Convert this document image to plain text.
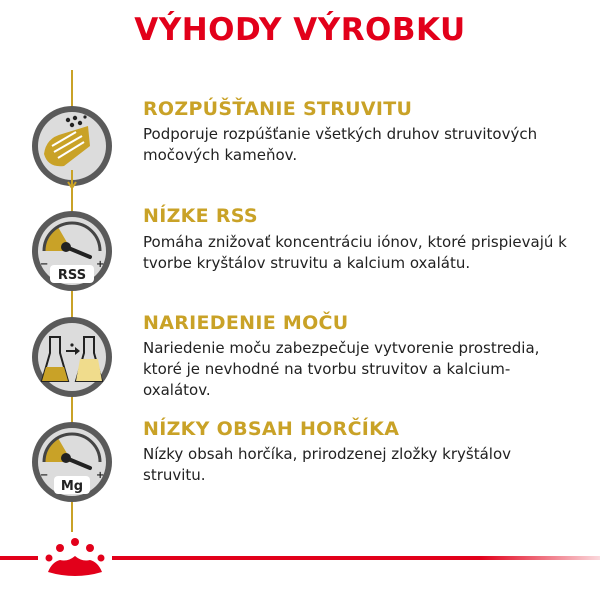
VÝHODY VÝROBKU
ROZPÚŠŤANIE STRUVITU
Podporuje rozpúšťanie všetkých druhov struvitových močových kameňov.
−	+
RSS
NÍZKE RSS
Pomáha znižovať koncentráciu iónov, ktoré prispievajú k tvorbe kryštálov struvitu a kalcium oxalátu.
NARIEDENIE MOČU
Nariedenie moču zabezpečuje vytvorenie prostredia, ktoré je nevhodné na tvorbu struvitov a kalcium-oxalátov.
−	+
Mg
NÍZKY OBSAH HORČÍKA
Nízky obsah horčíka, prirodzenej zložky kryštálov struvitu.
